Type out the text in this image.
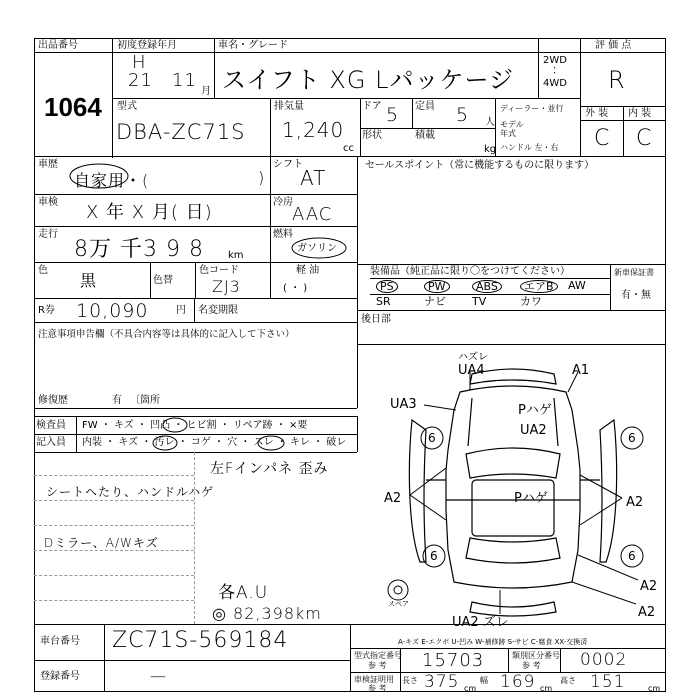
出品番号
1064
初度登録年月
H
21 11
月
車名・グレード
スイフト XG Lパッケージ
2WD
・
・
4WD
評 価 点
R
型式
DBA-ZC71S
排気量
1,240
cc
ドア 5 定員 5 人
形状	積載
kg
ディーラー・並行
モデル
年式
ハンドル 左・右
外 装 内 装
C C
車歴
自家用・(	)
車検 X 年 X 月( 日)
走行
8万 千3 9 8 km
色
黒	色替
色コード
ZJ3
R券 10,090	円 名変期限
注意事項申告欄（不具合内容等は具体的に記入して下さい）
修復歴	有 〔箇所
シフト
AT
冷房
AAC
燃料
ガソリン
軽 油
( ・ )
セールスポイント（常に機能するものに限ります）
装備品（純正品に限り〇をつけてください）	新車保証書
有・無
PS	PW	ABS	エアB	AW
SR	ナビ TV	カワ
後日部
検査員 FW ・ キズ ・ 凹凸 ・ ヒビ割 ・ リペア跡 ・ ×要
記入員 内装 ・ キズ ・ 汚レ ・ コゲ ・ 穴 ・ スレ ・ キレ ・ 破レ
左Fインパネ 歪み
シートヘたり、ハンドルハゲ
Dミラー、A/Wキズ
各A.U
◎ 82,398km
ハズレ
UA4	A1
UA3	Pハゲ
UA2
6	6
Pハゲ
A2	A2
6	6
A2
A2
UA2 ズレ
スペア
車台番号 ZC71S-569184
登録番号	—
A-キズ E-エクボ U-凹み W-補修跡 S-サビ C-腐食 XX-交換済
型式指定番号
参 考 15703	類別区分番号
参 考 0002
車検証明用
参 考
長さ 375 cm
幅 169 cm
高さ 151	cm
